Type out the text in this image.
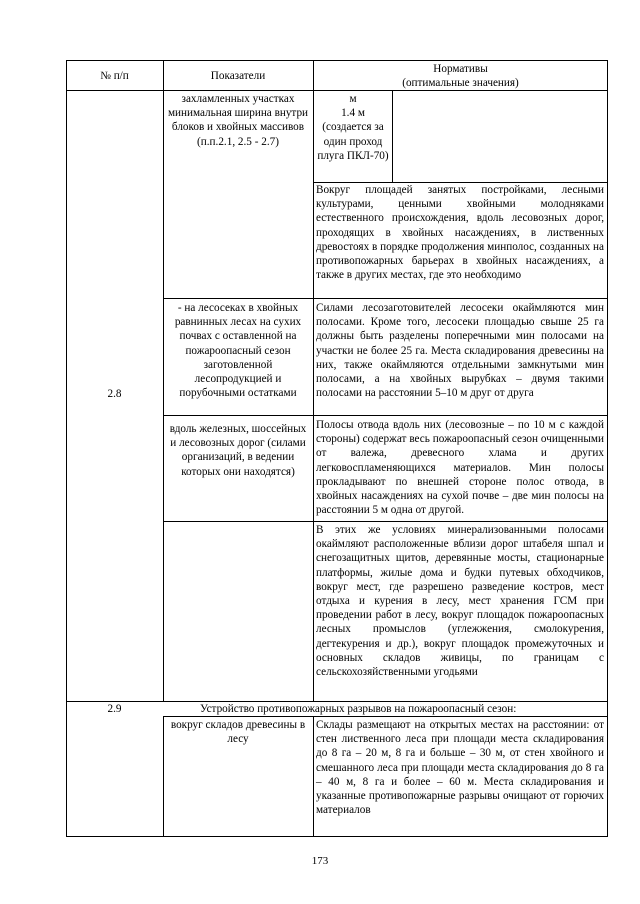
№ п/п	Показатели
Нормативы
(оптимальные значения)
захламленных участках минимальная ширина внутри блоков и хвойных массивов (п.п.2.1, 2.5 - 2.7)
м
1.4 м
(создается за один проход плуга ПКЛ-70)
Вокруг площадей занятых постройками, лесными культурами, ценными хвойными молодняками естественного происхождения, вдоль лесовозных дорог, проходящих в хвойных насаждениях, в лиственных древостоях в порядке продолжения минполос, созданных на противопожарных барьерах в хвойных насаждениях, а также в других местах, где это необходимо
- на лесосеках в хвойных равнинных лесах на сухих почвах с оставленной на пожароопасный сезон заготовленной лесопродукцией и порубочными остатками
Силами лесозаготовителей лесосеки окаймляются мин полосами. Кроме того, лесосеки площадью свыше 25 га должны быть разделены поперечными мин полосами на участки не более 25 га. Места складирования древесины на них, также окаймляются отдельными замкнутыми мин полосами, а на хвойных вырубках – двумя такими полосами на расстоянии 5–10 м друг от друга
2.8
вдоль железных, шоссейных и лесовозных дорог (силами организаций, в ведении которых они находятся)
Полосы отвода вдоль них (лесовозные – по 10 м с каждой стороны) содержат весь пожароопасный сезон очищенными от валежа, древесного хлама и других легковоспламеняющихся материалов. Мин полосы прокладывают по внешней стороне полос отвода, в хвойных насаждениях на сухой почве – две мин полосы на расстоянии 5 м одна от другой.
В этих же условиях минерализованными полосами окаймляют расположенные вблизи дорог штабеля шпал и снегозащитных щитов, деревянные мосты, стационарные платформы, жилые дома и будки путевых обходчиков, вокруг мест, где разрешено разведение костров, мест отдыха и курения в лесу, мест хранения ГСМ при проведении работ в лесу, вокруг площадок пожароопасных лесных промыслов (углежжения, смолокурения, дегтекурения и др.), вокруг площадок промежуточных и основных складов живицы, по границам с сельскохозяйственными угодьями
2.9	Устройство противопожарных разрывов на пожароопасный сезон:
вокруг складов древесины в лесу
Склады размещают на открытых местах на расстоянии: от стен лиственного леса при площади места складирования до 8 га – 20 м, 8 га и больше – 30 м, от стен хвойного и смешанного леса при площади места складирования до 8 га – 40 м, 8 га и более – 60 м. Места складирования и указанные противопожарные разрывы очищают от горючих материалов
173
